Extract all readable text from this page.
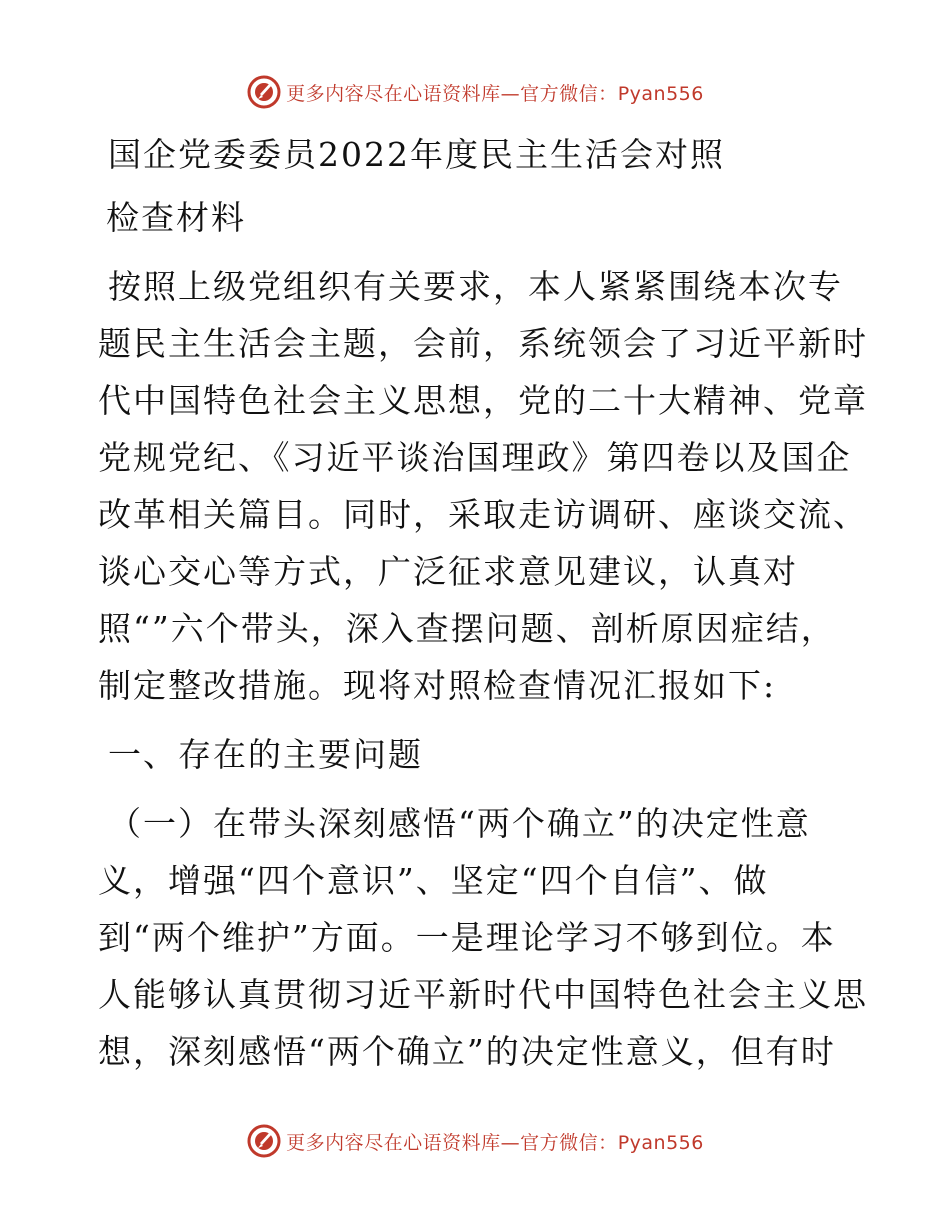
更多内容尽在心语资料库—官方微信：Pyan556
国企党委委员2022年度民主生活会对照
检查材料
按照上级党组织有关要求，本人紧紧围绕本次专
题民主生活会主题，会前，系统领会了习近平新时
代中国特色社会主义思想，党的二十大精神、党章
党规党纪、《习近平谈治国理政》第四卷以及国企
改革相关篇目。同时，采取走访调研、座谈交流、
谈心交心等方式，广泛征求意见建议，认真对
照“”六个带头，深入查摆问题、剖析原因症结，
制定整改措施。现将对照检查情况汇报如下:
一、存在的主要问题
（一）在带头深刻感悟“两个确立”的决定性意
义，增强“四个意识”、坚定“四个自信”、做
到“两个维护”方面。一是理论学习不够到位。本
人能够认真贯彻习近平新时代中国特色社会主义思
想，深刻感悟“两个确立”的决定性意义，但有时
更多内容尽在心语资料库—官方微信：Pyan556
